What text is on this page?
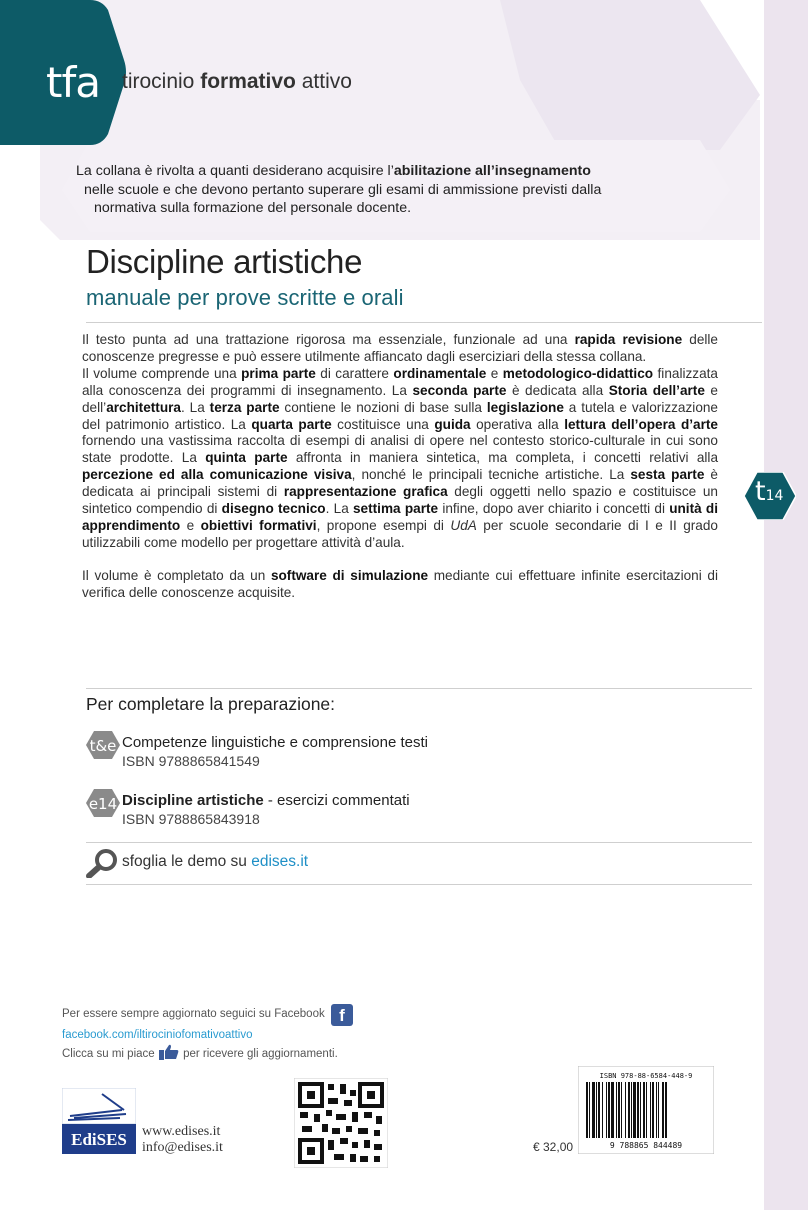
tfa tirocinio formativo attivo
La collana è rivolta a quanti desiderano acquisire l’abilitazione all’insegnamento
nelle scuole e che devono pertanto superare gli esami di ammissione previsti dalla
normativa sulla formazione del personale docente.
Discipline artistiche
manuale per prove scritte e orali

Il testo punta ad una trattazione rigorosa ma essenziale, funzionale ad una rapida revisione delle conoscenze pregresse e può essere utilmente affiancato dagli eserciziari della stessa collana.

Il volume comprende una prima parte di carattere ordinamentale e metodologico-didattico finalizzata alla conoscenza dei programmi di insegnamento. La seconda parte è dedicata alla Storia dell’arte e dell’architettura. La terza parte contiene le nozioni di base sulla legislazione a tutela e valorizzazione del patrimonio artistico. La quarta parte costituisce una guida operativa alla lettura dell’opera d’arte fornendo una vastissima raccolta di esempi di analisi di opere nel contesto storico-culturale in cui sono state prodotte. La quinta parte affronta in maniera sintetica, ma completa, i concetti relativi alla percezione ed alla comunicazione visiva, nonché le principali tecniche artistiche. La sesta parte è dedicata ai principali sistemi di rappresentazione grafica degli oggetti nello spazio e costituisce un sintetico compendio di disegno tecnico. La settima parte infine, dopo aver chiarito i concetti di unità di apprendimento e obiettivi formativi, propone esempi di UdA per scuole secondarie di I e II grado utilizzabili come modello per progettare attività d’aula.

Il volume è completato da un software di simulazione mediante cui effettuare infinite esercitazioni di verifica delle conoscenze acquisite.

t14
Per completare la preparazione:
t&e Competenze linguistiche e comprensione testi
ISBN 9788865841549
e14 Discipline artistiche - esercizi commentati
ISBN 9788865843918
sfoglia le demo su edises.it
Per essere sempre aggiornato seguici su Facebook f
facebook.com/iltirociniofomativoattivo
Clicca su mi piace per ricevere gli aggiornamenti.
EdiSES www.edises.it
info@edises.it	€ 32,00
ISBN 978-88-6584-448-9
9 788865 844489
